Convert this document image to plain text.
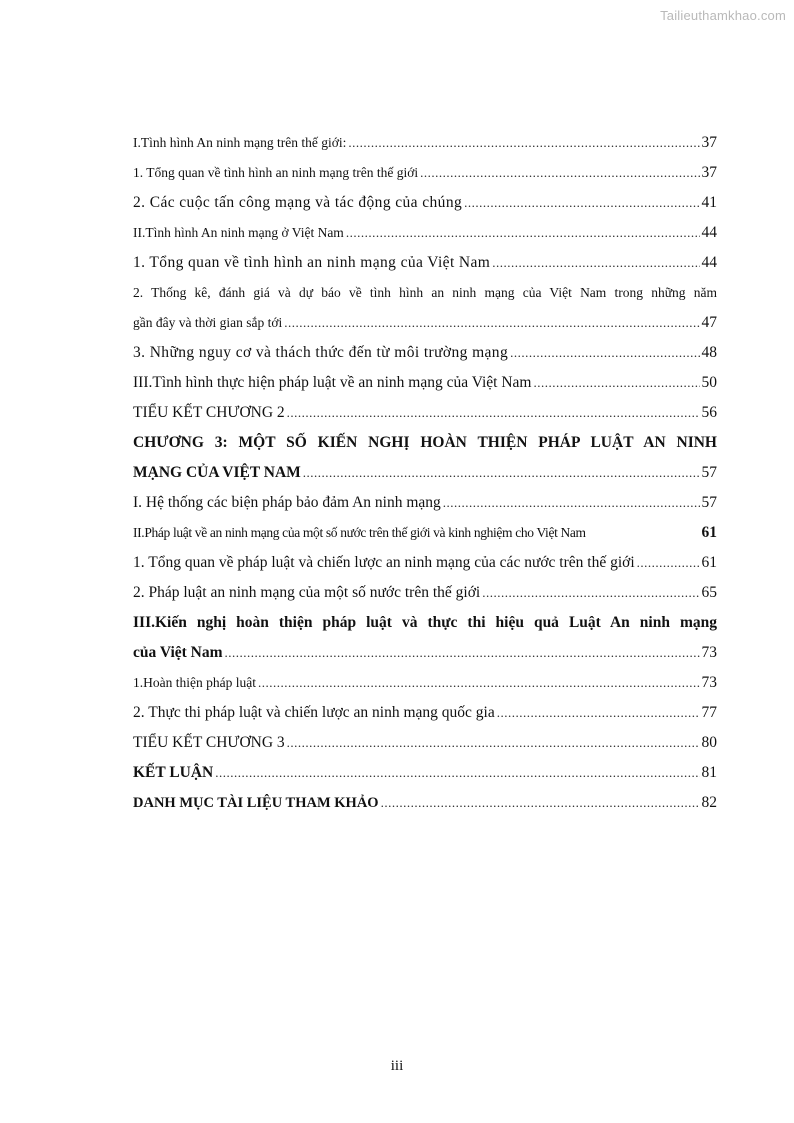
Tailieuthamkhao.com
I.Tình hình An ninh mạng trên thế giới: .....	37
1. Tổng quan về tình hình an ninh mạng trên thế giới .....	37
2. Các cuộc tấn công mạng và tác động của chúng .....	41
II.Tình hình An ninh mạng ở Việt Nam .....	44
1. Tổng quan về tình hình an ninh mạng của Việt Nam .....	44
2. Thống kê, đánh giá và dự báo về tình hình an ninh mạng của Việt Nam trong những năm
gần đây và thời gian sắp tới .....	47
3. Những nguy cơ và thách thức đến từ môi trường mạng .....	48
III.Tình hình thực hiện pháp luật về an ninh mạng của Việt Nam .....	50
TIỂU KẾT CHƯƠNG 2 .....	56
CHƯƠNG 3: MỘT SỐ KIẾN NGHỊ HOÀN THIỆN PHÁP LUẬT AN NINH
MẠNG CỦA VIỆT NAM .....	57
I. Hệ thống các biện pháp bảo đảm An ninh mạng .....	57
II.Pháp luật về an ninh mạng của một số nước trên thế giới và kinh nghiệm cho Việt Nam	61
1. Tổng quan về pháp luật và chiến lược an ninh mạng của các nước trên thế giới .....	61
2. Pháp luật an ninh mạng của một số nước trên thế giới .....	65
III.Kiến nghị hoàn thiện pháp luật và thực thi hiệu quả Luật An ninh mạng
của Việt Nam .....	73
1.Hoàn thiện pháp luật .....	73
2. Thực thi pháp luật và chiến lược an ninh mạng quốc gia .....	77
TIỂU KẾT CHƯƠNG 3 .....	80
KẾT LUẬN .....	81
DANH MỤC TÀI LIỆU THAM KHẢO .....	82
iii
